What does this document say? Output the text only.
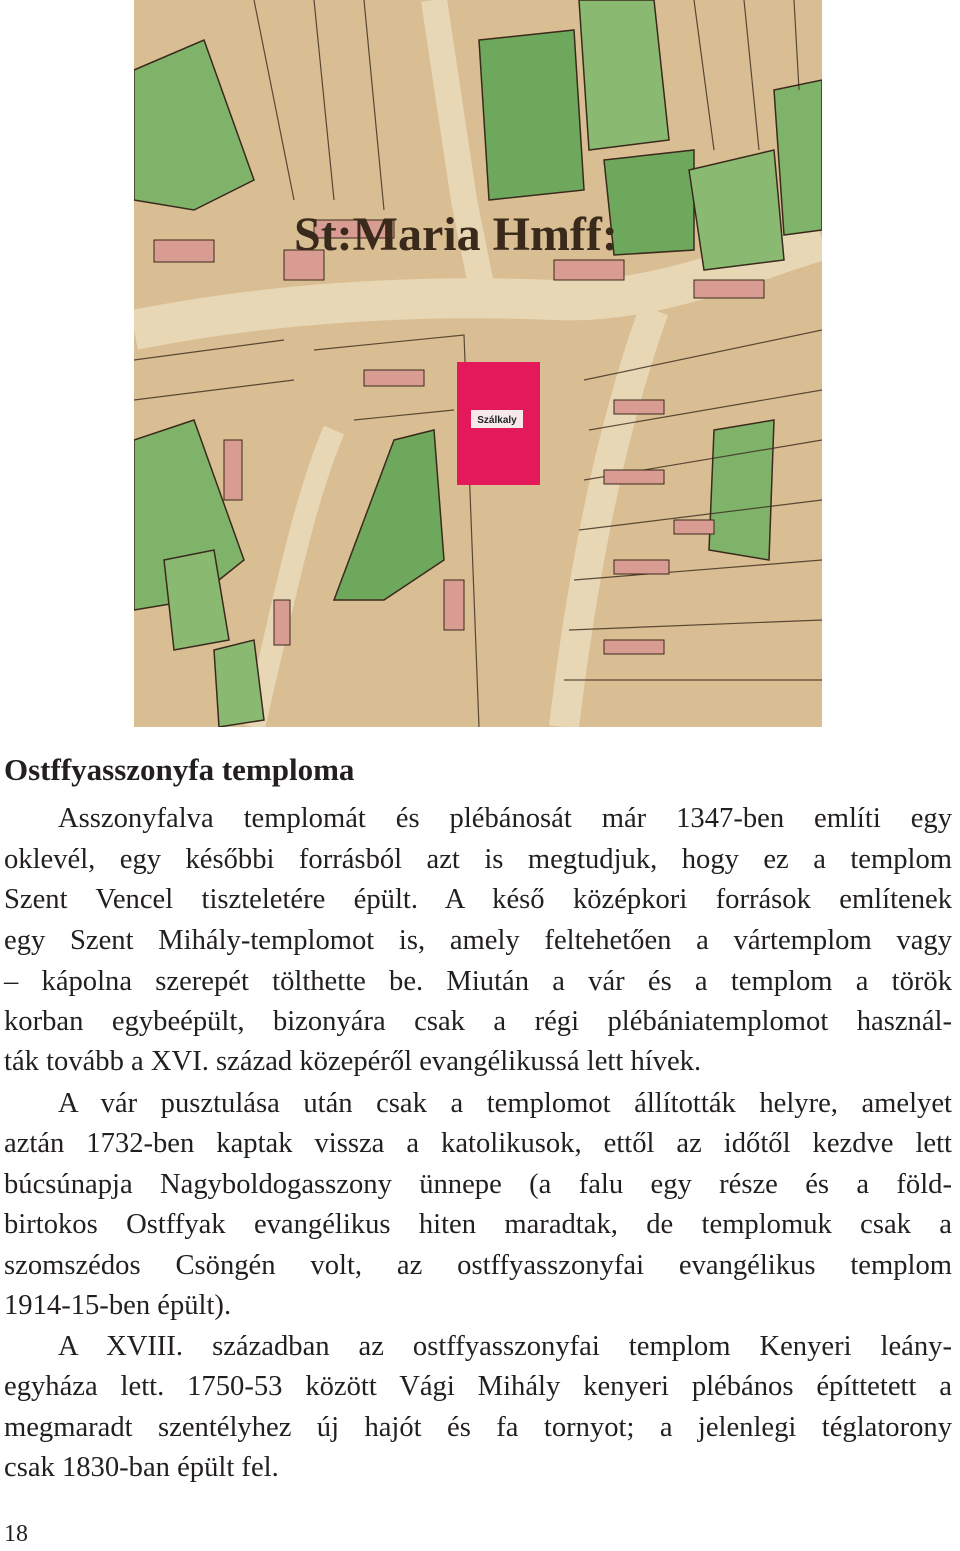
St:Maria Hmff:
Szálkaly
Ostffyasszonyfa temploma
Asszonyfalva templomát és plébánosát már 1347-ben említi egy
oklevél, egy későbbi forrásból azt is megtudjuk, hogy ez a templom
Szent Vencel tiszteletére épült. A késő középkori források említenek
egy Szent Mihály-templomot is, amely feltehetően a vártemplom vagy
– kápolna szerepét tölthette be. Miután a vár és a templom a török
korban egybeépült, bizonyára csak a régi plébániatemplomot használ-
ták tovább a XVI. század közepéről evangélikussá lett hívek.
A vár pusztulása után csak a templomot állították helyre, amelyet
aztán 1732-ben kaptak vissza a katolikusok, ettől az időtől kezdve lett
búcsúnapja Nagyboldogasszony ünnepe (a falu egy része és a föld-
birtokos Ostffyak evangélikus hiten maradtak, de templomuk csak a
szomszédos Csöngén volt, az ostffyasszonyfai evangélikus templom
1914-15-ben épült).
A XVIII. században az ostffyasszonyfai templom Kenyeri leány-
egyháza lett. 1750-53 között Vági Mihály kenyeri plébános építtetett a
megmaradt szentélyhez új hajót és fa tornyot; a jelenlegi téglatorony
csak 1830-ban épült fel.
18
